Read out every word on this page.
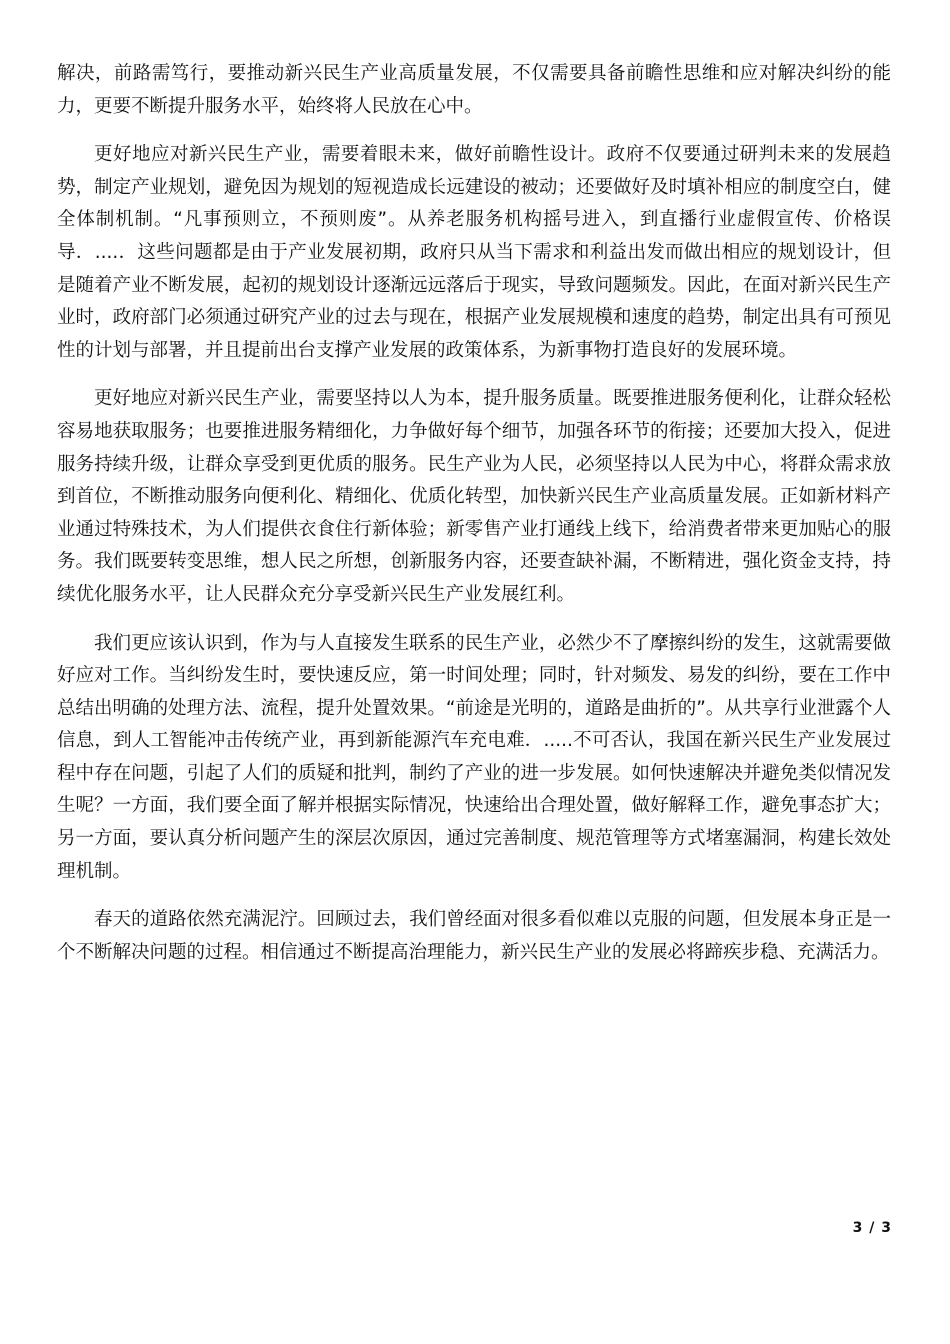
解决，前路需笃行，要推动新兴民生产业高质量发展，不仅需要具备前瞻性思维和应对解决纠纷的能力，更要不断提升服务水平，始终将人民放在心中。

更好地应对新兴民生产业，需要着眼未来，做好前瞻性设计。政府不仅要通过研判未来的发展趋势，制定产业规划，避免因为规划的短视造成长远建设的被动；还要做好及时填补相应的制度空白，健全体制机制。“凡事预则立，不预则废”。从养老服务机构摇号进入，到直播行业虚假宣传、价格误导．....．这些问题都是由于产业发展初期，政府只从当下需求和利益出发而做出相应的规划设计，但是随着产业不断发展，起初的规划设计逐渐远远落后于现实，导致问题频发。因此，在面对新兴民生产业时，政府部门必须通过研究产业的过去与现在，根据产业发展规模和速度的趋势，制定出具有可预见性的计划与部署，并且提前出台支撑产业发展的政策体系，为新事物打造良好的发展环境。

更好地应对新兴民生产业，需要坚持以人为本，提升服务质量。既要推进服务便利化，让群众轻松容易地获取服务；也要推进服务精细化，力争做好每个细节，加强各环节的衔接；还要加大投入，促进服务持续升级，让群众享受到更优质的服务。民生产业为人民，必须坚持以人民为中心，将群众需求放到首位，不断推动服务向便利化、精细化、优质化转型，加快新兴民生产业高质量发展。正如新材料产业通过特殊技术，为人们提供衣食住行新体验；新零售产业打通线上线下，给消费者带来更加贴心的服务。我们既要转变思维，想人民之所想，创新服务内容，还要查缺补漏，不断精进，强化资金支持，持续优化服务水平，让人民群众充分享受新兴民生产业发展红利。

我们更应该认识到，作为与人直接发生联系的民生产业，必然少不了摩擦纠纷的发生，这就需要做好应对工作。当纠纷发生时，要快速反应，第一时间处理；同时，针对频发、易发的纠纷，要在工作中总结出明确的处理方法、流程，提升处置效果。“前途是光明的，道路是曲折的”。从共享行业泄露个人信息，到人工智能冲击传统产业，再到新能源汽车充电难．.....不可否认，我国在新兴民生产业发展过程中存在问题，引起了人们的质疑和批判，制约了产业的进一步发展。如何快速解决并避免类似情况发生呢？一方面，我们要全面了解并根据实际情况，快速给出合理处置，做好解释工作，避免事态扩大；另一方面，要认真分析问题产生的深层次原因，通过完善制度、规范管理等方式堵塞漏洞，构建长效处理机制。

春天的道路依然充满泥泞。回顾过去，我们曾经面对很多看似难以克服的问题，但发展本身正是一个不断解决问题的过程。相信通过不断提高治理能力，新兴民生产业的发展必将蹄疾步稳、充满活力。

3 / 3
